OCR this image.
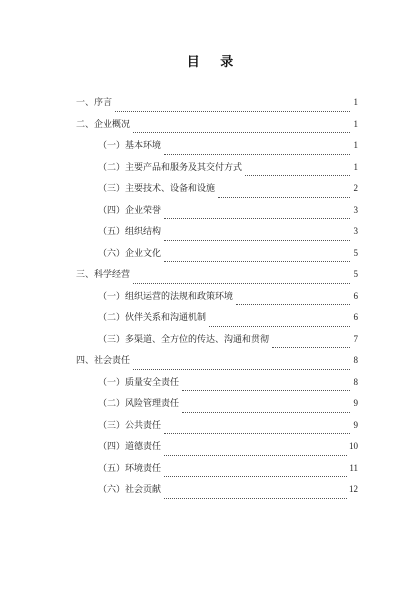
目 录
一、序言	1
二、企业概况	1
（一）基本环境	1
（二）主要产品和服务及其交付方式	1
（三）主要技术、设备和设施	2
（四）企业荣誉	3
（五）组织结构	3
（六）企业文化	5
三、科学经营	5
（一）组织运营的法规和政策环境	6
（二）伙伴关系和沟通机制	6
（三）多渠道、全方位的传达、沟通和贯彻	7
四、社会责任	8
（一）质量安全责任	8
（二）风险管理责任	9
（三）公共责任	9
（四）道德责任	10
（五）环境责任	11
（六）社会贡献	12
